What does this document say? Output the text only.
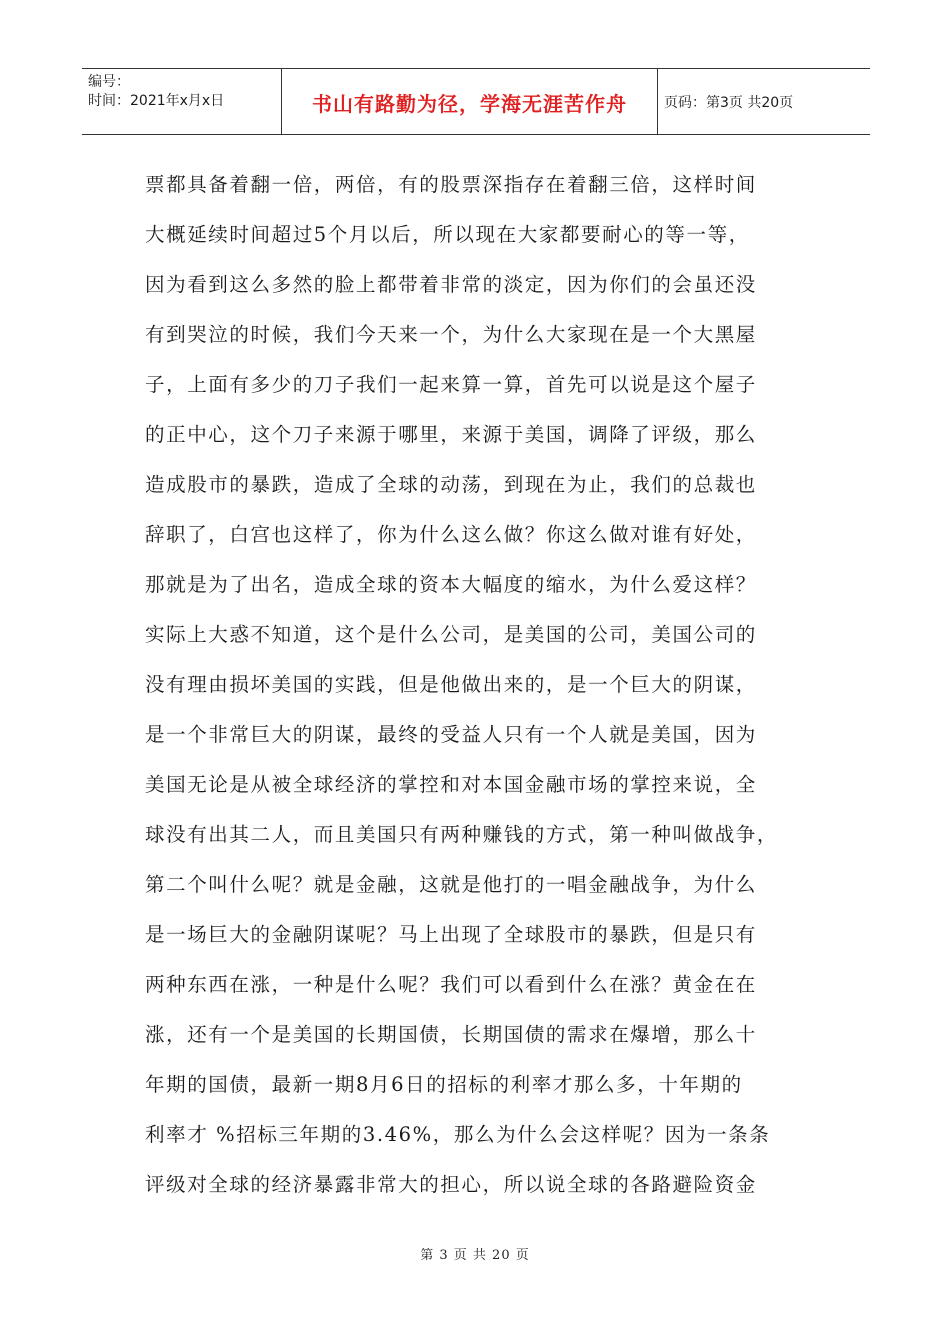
编号：
时间：2021年x月x日	书山有路勤为径，学海无涯苦作舟	页码：第3页 共20页
票都具备着翻一倍，两倍，有的股票深指存在着翻三倍，这样时间
大概延续时间超过5个月以后，所以现在大家都要耐心的等一等，
因为看到这么多然的脸上都带着非常的淡定，因为你们的会虽还没
有到哭泣的时候，我们今天来一个，为什么大家现在是一个大黑屋
子，上面有多少的刀子我们一起来算一算，首先可以说是这个屋子
的正中心，这个刀子来源于哪里，来源于美国，调降了评级，那么
造成股市的暴跌，造成了全球的动荡，到现在为止，我们的总裁也
辞职了，白宫也这样了，你为什么这么做？你这么做对谁有好处，
那就是为了出名，造成全球的资本大幅度的缩水，为什么爱这样？
实际上大惑不知道，这个是什么公司，是美国的公司，美国公司的
没有理由损坏美国的实践，但是他做出来的，是一个巨大的阴谋，
是一个非常巨大的阴谋，最终的受益人只有一个人就是美国，因为
美国无论是从被全球经济的掌控和对本国金融市场的掌控来说，全
球没有出其二人，而且美国只有两种赚钱的方式，第一种叫做战争，
第二个叫什么呢？就是金融，这就是他打的一唱金融战争，为什么
是一场巨大的金融阴谋呢？马上出现了全球股市的暴跌，但是只有
两种东西在涨，一种是什么呢？我们可以看到什么在涨？黄金在在
涨，还有一个是美国的长期国债，长期国债的需求在爆增，那么十
年期的国债，最新一期8月6日的招标的利率才那么多，十年期的
利率才 %招标三年期的3.46%，那么为什么会这样呢？因为一条条
评级对全球的经济暴露非常大的担心，所以说全球的各路避险资金
第 3 页 共 20 页
